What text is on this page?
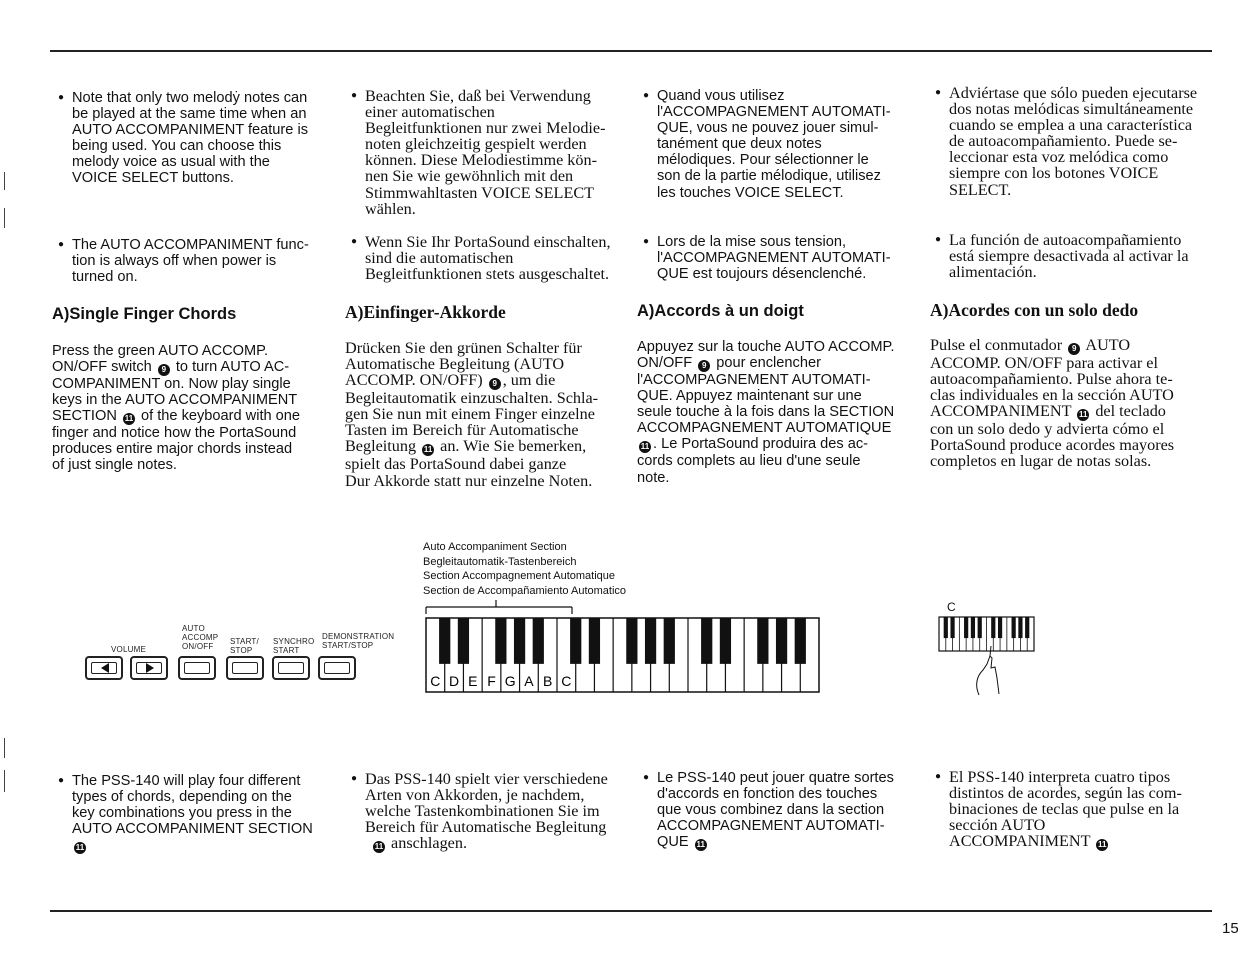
● Note that only two melodẏ notes can
be played at the same time when an
AUTO ACCOMPANIMENT feature is
being used. You can choose this
melody voice as usual with the
VOICE SELECT buttons.
● The AUTO ACCOMPANIMENT func-
tion is always off when power is
turned on.
A)Single Finger Chords
Press the green AUTO ACCOMP.
ON/OFF switch 9 to turn AUTO AC-
COMPANIMENT on. Now play single
keys in the AUTO ACCOMPANIMENT
SECTION 11 of the keyboard with one
finger and notice how the PortaSound
produces entire major chords instead
of just single notes.
● The PSS-140 will play four different
types of chords, depending on the
key combinations you press in the
AUTO ACCOMPANIMENT SECTION
11
● Beachten Sie, daß bei Verwendung
einer automatischen
Begleitfunktionen nur zwei Melodie-
noten gleichzeitig gespielt werden
können. Diese Melodiestimme kön-
nen Sie wie gewöhnlich mit den
Stimmwahltasten VOICE SELECT
wählen.
● Wenn Sie Ihr PortaSound einschalten,
sind die automatischen
Begleitfunktionen stets ausgeschaltet.
A)Einfinger-Akkorde
Drücken Sie den grünen Schalter für
Automatische Begleitung (AUTO
ACCOMP. ON/OFF) 9 , um die
Begleitautomatik einzuschalten. Schla-
gen Sie nun mit einem Finger einzelne
Tasten im Bereich für Automatische
Begleitung 11 an. Wie Sie bemerken,
spielt das PortaSound dabei ganze
Dur Akkorde statt nur einzelne Noten.
● Das PSS-140 spielt vier verschiedene
Arten von Akkorden, je nachdem,
welche Tastenkombinationen Sie im
Bereich für Automatische Begleitung
11 anschlagen.
● Quand vous utilisez
l'ACCOMPAGNEMENT AUTOMATI-
QUE, vous ne pouvez jouer simul-
tanément que deux notes
mélodiques. Pour sélectionner le
son de la partie mélodique, utilisez
les touches VOICE SELECT.
● Lors de la mise sous tension,
l'ACCOMPAGNEMENT AUTOMATI-
QUE est toujours désenclenché.
A)Accords à un doigt
Appuyez sur la touche AUTO ACCOMP.
ON/OFF 9 pour enclencher
l'ACCOMPAGNEMENT AUTOMATI-
QUE. Appuyez maintenant sur une
seule touche à la fois dans la SECTION
ACCOMPAGNEMENT AUTOMATIQUE
11 . Le PortaSound produira des ac-
cords complets au lieu d'une seule
note.
● Le PSS-140 peut jouer quatre sortes
d'accords en fonction des touches
que vous combinez dans la section
ACCOMPAGNEMENT AUTOMATI-
QUE 11
● Adviértase que sólo pueden ejecutarse
dos notas melódicas simultáneamente
cuando se emplea a una característica
de autoacompañamiento. Puede se-
leccionar esta voz melódica como
siempre con los botones VOICE
SELECT.
● La función de autoacompañamiento
está siempre desactivada al activar la
alimentación.
A)Acordes con un solo dedo
Pulse el conmutador 9 AUTO
ACCOMP. ON/OFF para activar el
autoacompañamiento. Pulse ahora te-
clas individuales en la sección AUTO
ACCOMPANIMENT 11 del teclado
con un solo dedo y advierta cómo el
PortaSound produce acordes mayores
completos en lugar de notas solas.
● El PSS-140 interpreta cuatro tipos
distintos de acordes, según las com-
binaciones de teclas que pulse en la
sección AUTO
ACCOMPANIMENT 11
VOLUME
AUTO
ACCOMP
ON/OFF
START/
STOP
SYNCHRO
START
DEMONSTRATION
START/STOP
Auto Accompaniment Section
Begleitautomatik-Tastenbereich
Section Accompagnement Automatique
Section de Accompañamiento Automatico
C D E F G A B C
C
15
